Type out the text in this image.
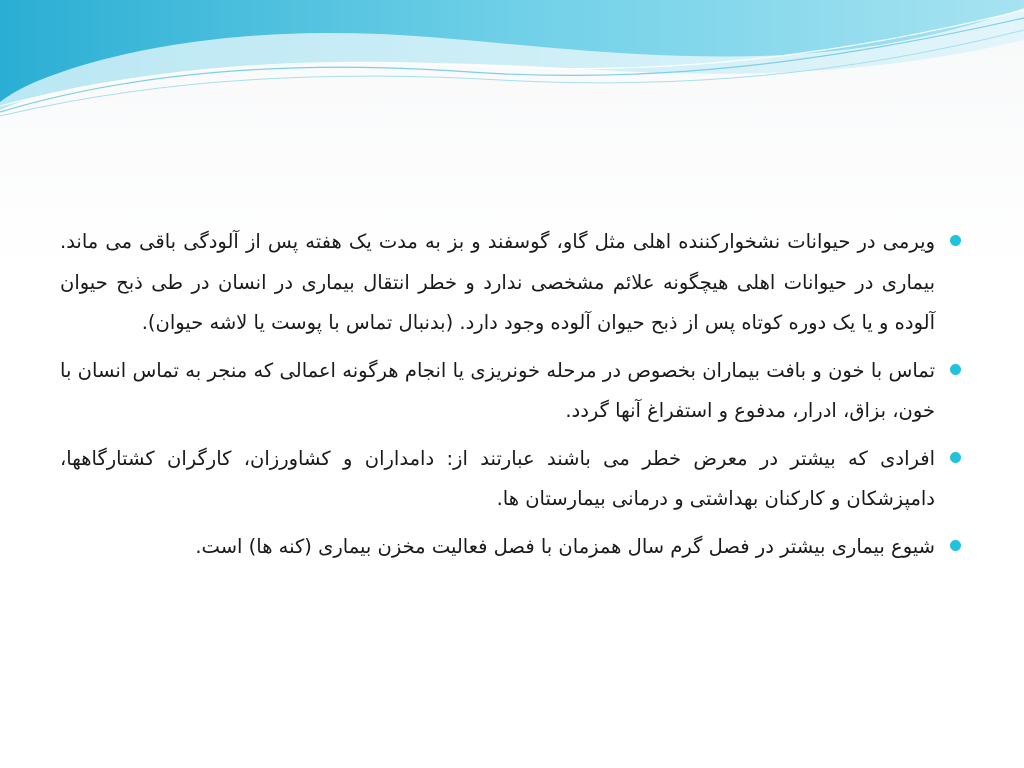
ویرمی در حیوانات نشخوارکننده اهلی مثل گاو، گوسفند و بز به مدت یک هفته پس از آلودگی باقی می ماند. بیماری در حیوانات اهلی هیچگونه علائم مشخصی ندارد و خطر انتقال بیماری در انسان در طی ذبح حیوان آلوده و یا یک دوره کوتاه پس از ذبح حیوان آلوده وجود دارد. (بدنبال تماس با پوست یا لاشه حیوان).
تماس با خون و بافت بیماران بخصوص در مرحله خونریزی یا انجام هرگونه اعمالی که منجر به تماس انسان با خون، بزاق، ادرار، مدفوع و استفراغ آنها گردد.
افرادی که بیشتر در معرض خطر می باشند عبارتند از: دامداران و کشاورزان، کارگران کشتارگاهها، دامپزشکان و کارکنان بهداشتی و درمانی بیمارستان ها.
شیوع بیماری بیشتر در فصل گرم سال همزمان با فصل فعالیت مخزن بیماری (کنه ها) است.
